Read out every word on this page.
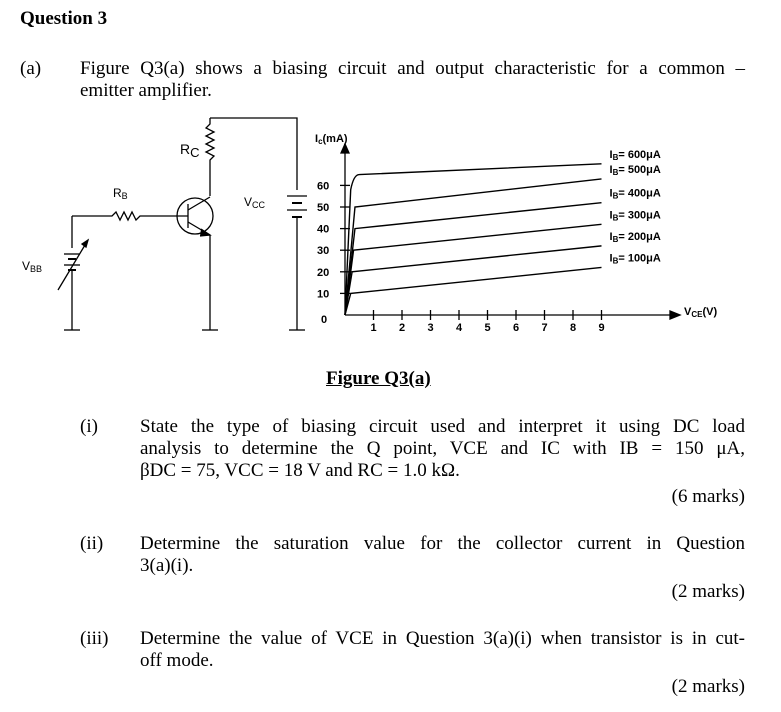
Question 3
(a) Figure Q3(a) shows a biasing circuit and output characteristic for a common –
emitter amplifier.
RC
RB	VCC
VBB
1 2 3 4 5 6 7 8 9
60
50
40
30
20
10
0
Ic(mA)
VCE(V)
IB= 600μA
IB= 500μA
IB= 400μA
IB= 300μA
IB= 200μA
IB= 100μA
Figure Q3(a)
(i) State the type of biasing circuit used and interpret it using DC load
analysis to determine the Q point, VCE and IC with IB = 150 μA,
βDC = 75, VCC = 18 V and RC = 1.0 kΩ.
(6 marks)
(ii) Determine the saturation value for the collector current in Question
3(a)(i).
(2 marks)
(iii) Determine the value of VCE in Question 3(a)(i) when transistor is in cut-
off mode.
(2 marks)
